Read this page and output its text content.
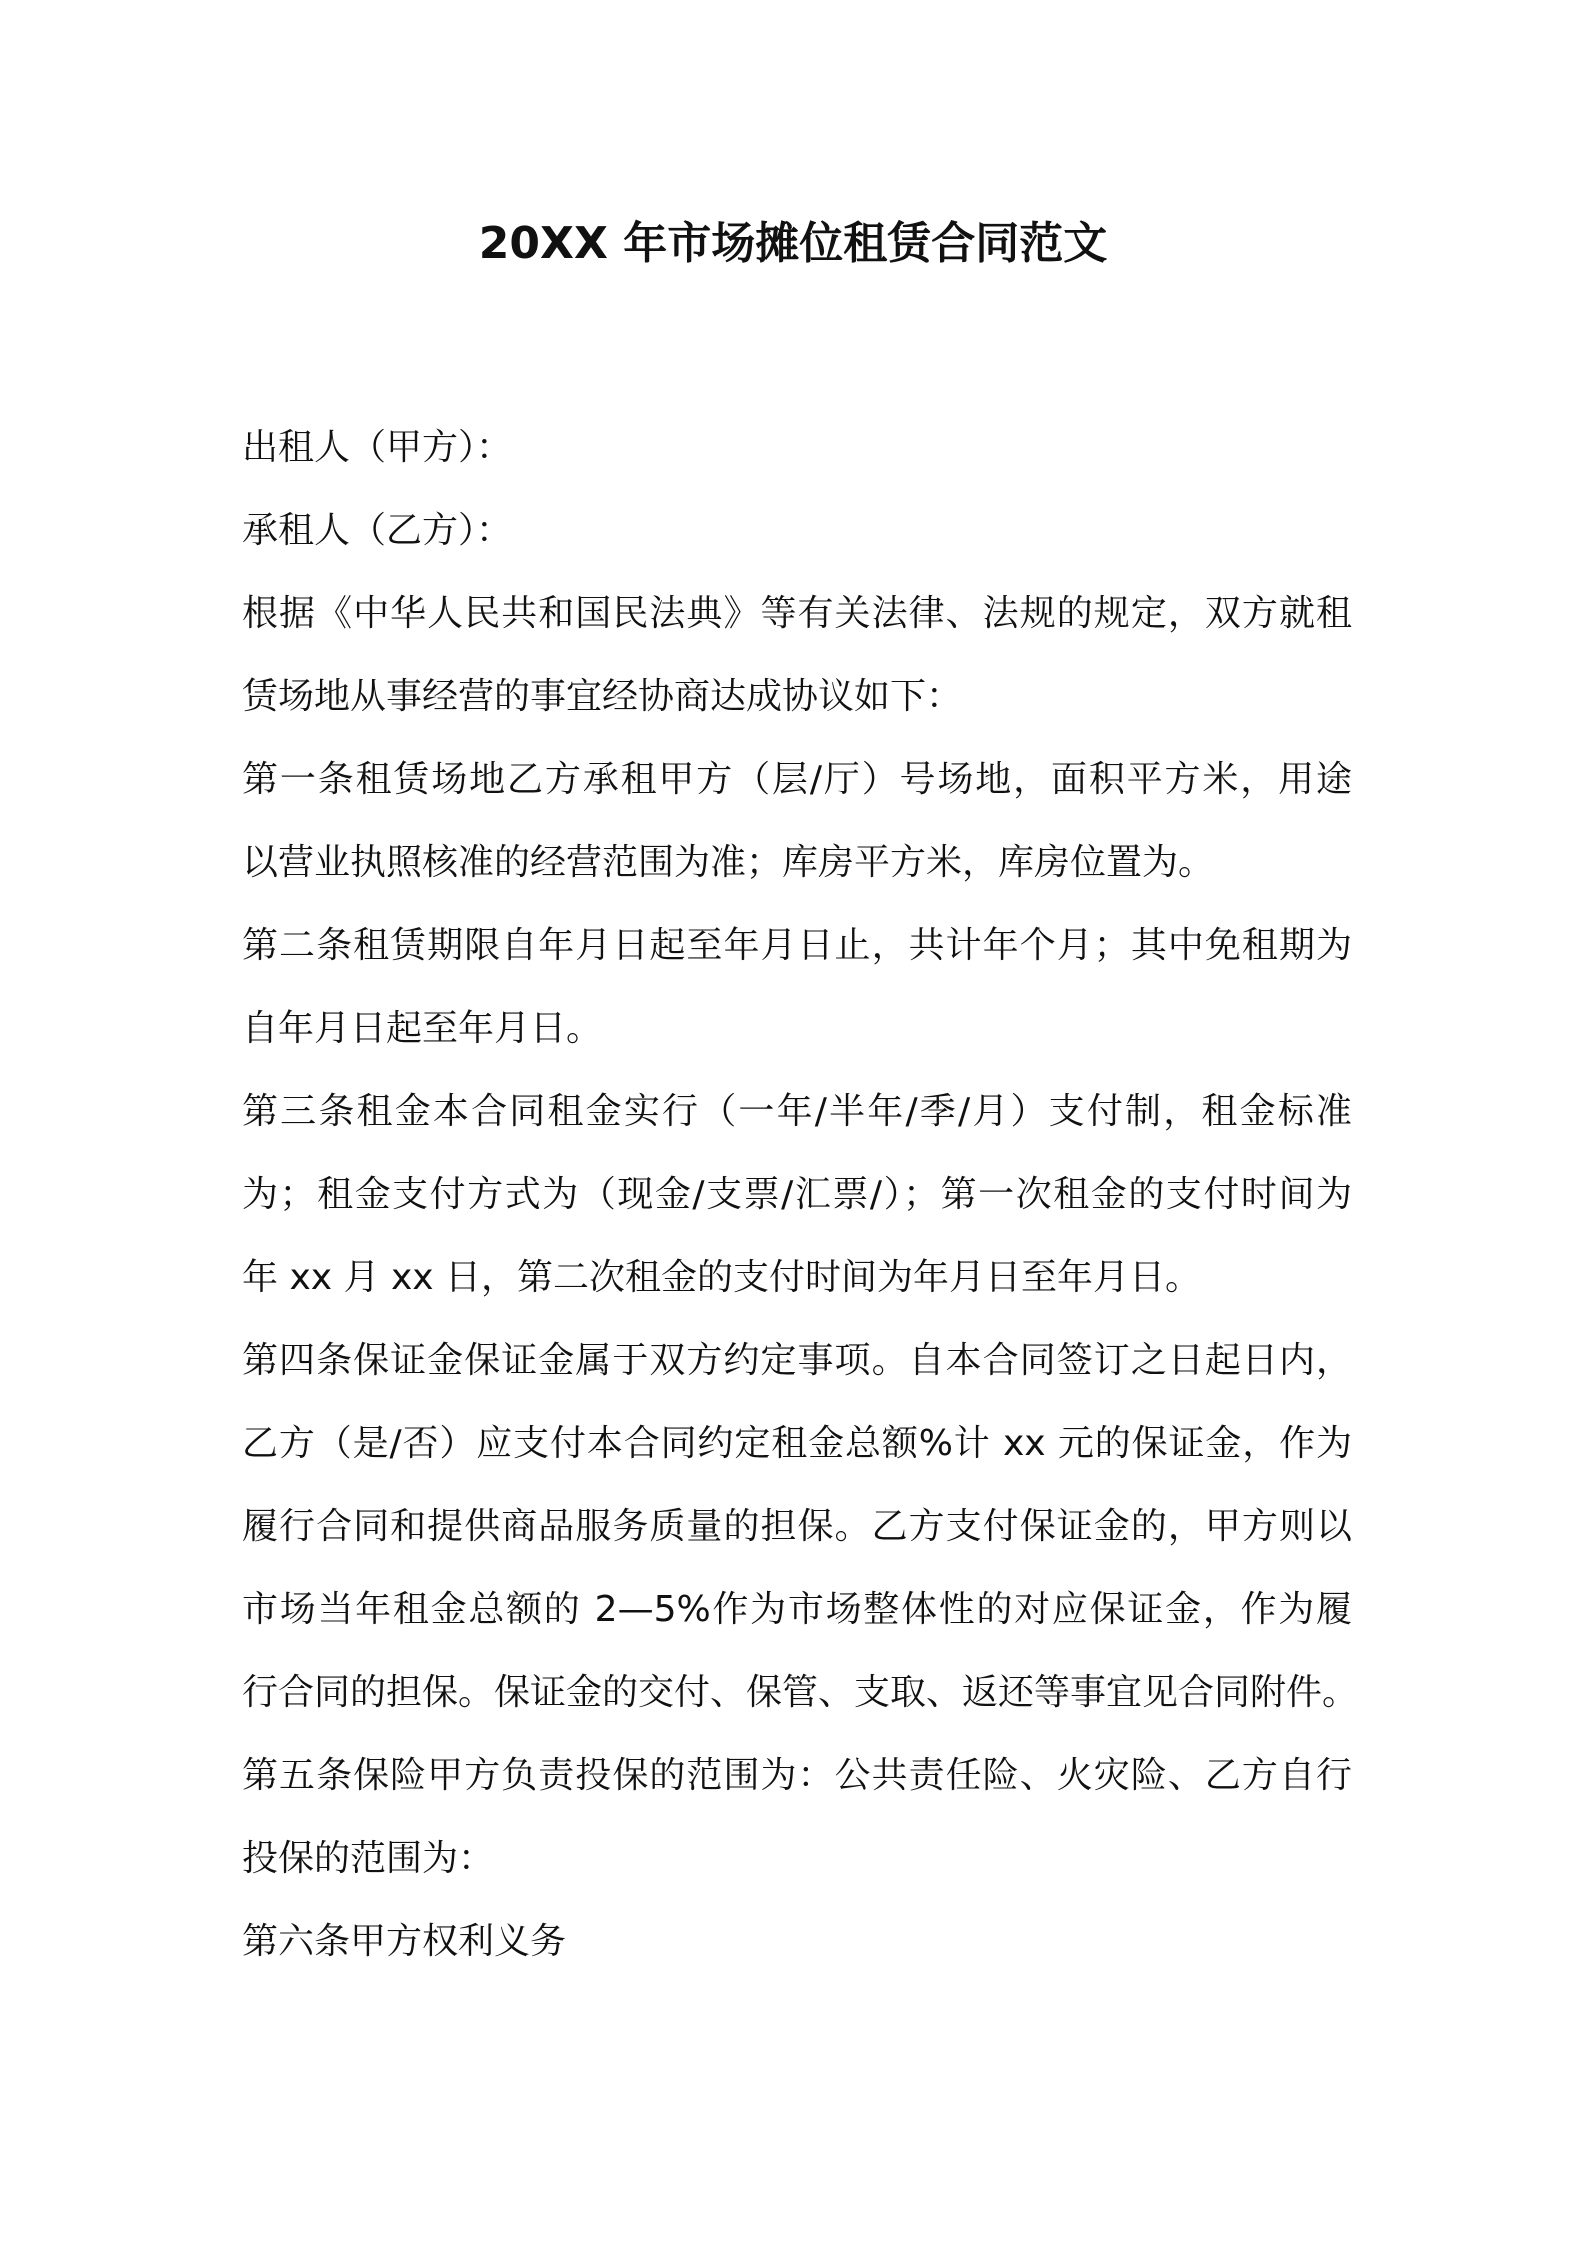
20XX 年市场摊位租赁合同范文
出租人（甲方）：
承租人（乙方）：
根据《中华人民共和国民法典》等有关法律、法规的规定，双方就租
赁场地从事经营的事宜经协商达成协议如下：
第一条租赁场地乙方承租甲方（层/厅）号场地，面积平方米，用途
以营业执照核准的经营范围为准；库房平方米，库房位置为。
第二条租赁期限自年月日起至年月日止，共计年个月；其中免租期为
自年月日起至年月日。
第三条租金本合同租金实行（一年/半年/季/月）支付制，租金标准
为；租金支付方式为（现金/支票/汇票/）；第一次租金的支付时间为
年 xx 月 xx 日，第二次租金的支付时间为年月日至年月日。
第四条保证金保证金属于双方约定事项。自本合同签订之日起日内，
乙方（是/否）应支付本合同约定租金总额%计 xx 元的保证金，作为
履行合同和提供商品服务质量的担保。乙方支付保证金的，甲方则以
市场当年租金总额的 2—5%作为市场整体性的对应保证金，作为履
行合同的担保。保证金的交付、保管、支取、返还等事宜见合同附件。
第五条保险甲方负责投保的范围为：公共责任险、火灾险、乙方自行
投保的范围为：
第六条甲方权利义务
